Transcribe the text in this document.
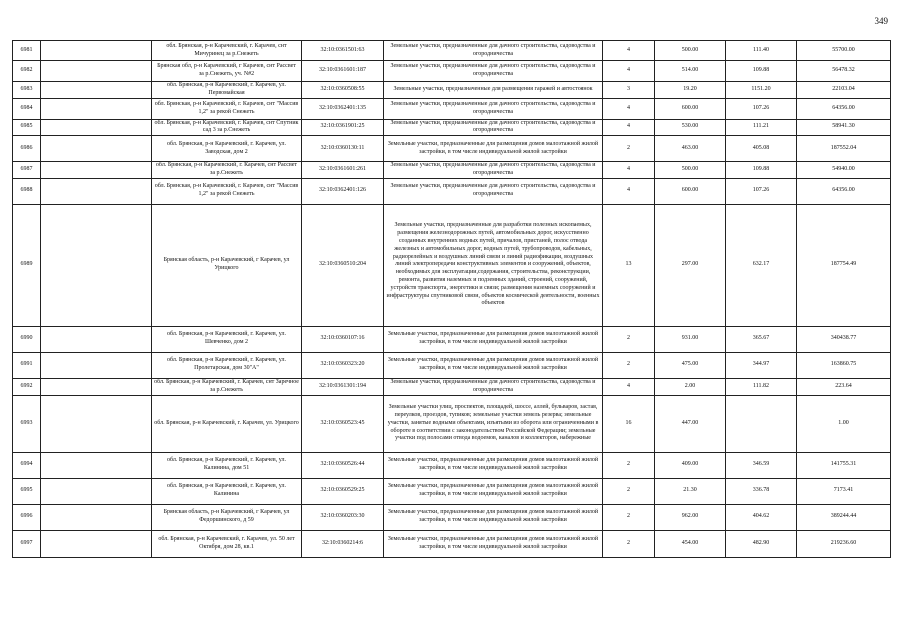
349
6981		обл. Брянская, р-н Карачевский, г. Карачев, снт Мичуринец за р.Снежеть	32:10:0361501:63	Земельные участки, предназначенные для дачного строительства, садоводства и огородничества	4	500.00	111.40	55700.00
6982		Брянская обл, р-н Карачевский, г Карачев, снт Рассвет за р.Снежеть, уч. N#2	32:10:0361601:187	Земельные участки, предназначенные для дачного строительства, садоводства и огородничества	4	514.00	109.88	56478.32
6983		обл. Брянская, р-н Карачевский, г. Карачев, ул. Первомайская	32:10:0360508:55	Земельные участки, предназначенные для размещения гаражей и автостоянок	3	19.20	1151.20	22103.04
6984		обл. Брянская, р-н Карачевский, г. Карачев, снт "Массив 1,2" за рекой Снежеть	32:10:0362401:135	Земельные участки, предназначенные для дачного строительства, садоводства и огородничества	4	600.00	107.26	64356.00
6985		обл. Брянская, р-н Карачевский, г. Карачев, снт Спутник сад 3 за р.Снежеть	32:10:0361901:25	Земельные участки, предназначенные для дачного строительства, садоводства и огородничества	4	530.00	111.21	58941.30
6986		обл. Брянская, р-н Карачевский, г. Карачев, ул. Заводская, дом 2	32:10:0360130:11	Земельные участки, предназначенные для размещения домов малоэтажной жилой застройки, в том числе индивидуальной жилой застройки	2	463.00	405.08	187552.04
6987		обл. Брянская, р-н Карачевский, г. Карачев, снт Рассвет за р.Снежеть	32:10:0361601:261	Земельные участки, предназначенные для дачного строительства, садоводства и огородничества	4	500.00	109.88	54940.00
6988		обл. Брянская, р-н Карачевский, г. Карачев, снт "Массив 1,2" за рекой Снежеть	32:10:0362401:126	Земельные участки, предназначенные для дачного строительства, садоводства и огородничества	4	600.00	107.26	64356.00
6989		Брянская область, р-н Карачевский, г Карачев, ул Урицкого	32:10:0360510:204	Земельные участки, предназначенные для разработки полезных ископаемых, размещения железнодорожных путей, автомобильных дорог, искусственно созданных внутренних водных путей, причалов, пристаней, полос отвода железных и автомобильных дорог, водных путей, трубопроводов, кабельных, радиорелейных и воздушных линий связи и линий радиофикации, воздушных линий электропередачи конструктивных элементов и сооружений, объектов, необходимых для эксплуатации,содержания, строительства, реконструкции, ремонта, развития наземных и подземных зданий, строений, сооружений, устройств транспорта, энергетики и связи; размещения наземных сооружений и инфраструктуры спутниковой связи, объектов космической деятельности, военных объектов	13	297.00	632.17	187754.49
6990		обл. Брянская, р-н Карачевский, г. Карачев, ул. Шевченко, дом 2	32:10:0360107:16	Земельные участки, предназначенные для размещения домов малоэтажной жилой застройки, в том числе индивидуальной жилой застройки	2	931.00	365.67	340438.77
6991		обл. Брянская, р-н Карачевский, г. Карачев, ул. Пролетарская, дом 30"А"	32:10:0360323:20	Земельные участки, предназначенные для размещения домов малоэтажной жилой застройки, в том числе индивидуальной жилой застройки	2	475.00	344.97	163860.75
6992		обл. Брянская, р-н Карачевский, г. Карачев, снт Заречное за р.Снежеть	32:10:0361301:194	Земельные участки, предназначенные для дачного строительства, садоводства и огородничества	4	2.00	111.82	223.64
6993		обл. Брянская, р-н Карачевский, г. Карачев, ул. Урицкого	32:10:0360523:45	Земельные участки улиц, проспектов, площадей, шоссе, аллей, бульваров, застав, переулков, проездов, тупиков; земельные участки земель резерва; земельные участки, занятые водными объектами, изъятыми из оборота или ограниченными в обороте в соответствии с законодательством Российской Федерации; земельные участки под полосами отвода водоемов, каналов и коллекторов, набережные	16	447.00		1.00
6994		обл. Брянская, р-н Карачевский, г. Карачев, ул. Калинина, дом 51	32:10:0360526:44	Земельные участки, предназначенные для размещения домов малоэтажной жилой застройки, в том числе индивидуальной жилой застройки	2	409.00	346.59	141755.31
6995		обл. Брянская, р-н Карачевский, г. Карачев, ул. Калинина	32:10:0360529:25	Земельные участки, предназначенные для размещения домов малоэтажной жилой застройки, в том числе индивидуальной жилой застройки	2	21.30	336.78	7173.41
6996		Брянская область, р-н Карачевский, г Карачев, ул Федоршинского, д 59	32:10:0360203:30	Земельные участки, предназначенные для размещения домов малоэтажной жилой застройки, в том числе индивидуальной жилой застройки	2	962.00	404.62	389244.44
6997		обл. Брянская, р-н Карачевский, г. Карачев, ул. 50 лет Октября, дом 28, кв.1	32:10:0360214:6	Земельные участки, предназначенные для размещения домов малоэтажной жилой застройки, в том числе индивидуальной жилой застройки	2	454.00	482.90	219236.60
